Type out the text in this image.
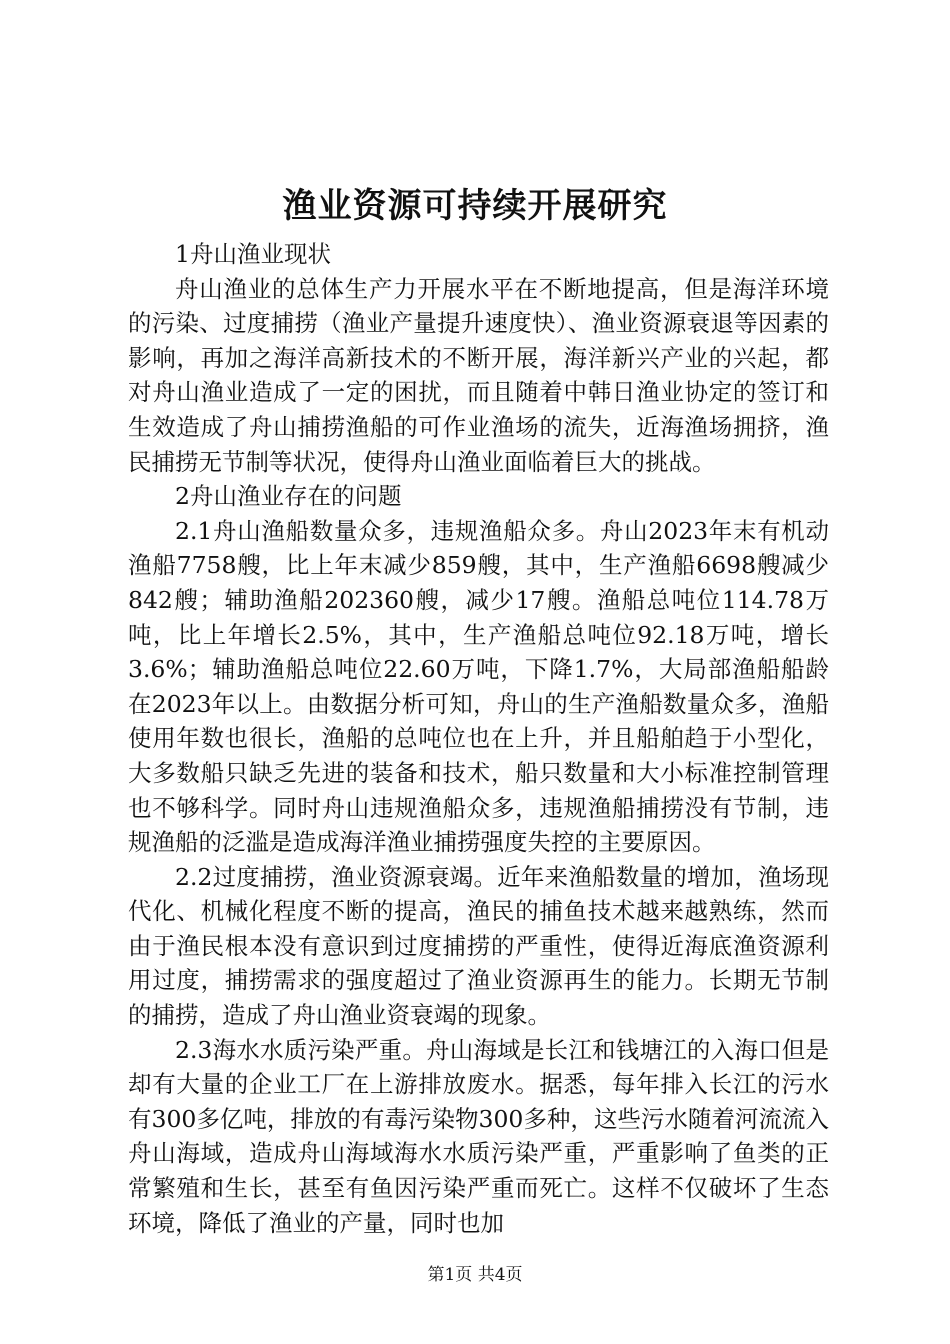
渔业资源可持续开展研究

1舟山渔业现状

舟山渔业的总体生产力开展水平在不断地提高，但是海洋环境的污染、过度捕捞（渔业产量提升速度快）、渔业资源衰退等因素的影响，再加之海洋高新技术的不断开展，海洋新兴产业的兴起，都对舟山渔业造成了一定的困扰，而且随着中韩日渔业协定的签订和生效造成了舟山捕捞渔船的可作业渔场的流失，近海渔场拥挤，渔民捕捞无节制等状况，使得舟山渔业面临着巨大的挑战。

2舟山渔业存在的问题

2.1舟山渔船数量众多，违规渔船众多。舟山2023年末有机动渔船7758艘，比上年末减少859艘，其中，生产渔船6698艘减少842艘；辅助渔船202360艘，减少17艘。渔船总吨位114.78万吨，比上年增长2.5%，其中，生产渔船总吨位92.18万吨，增长3.6%；辅助渔船总吨位22.60万吨，下降1.7%，大局部渔船船龄在2023年以上。由数据分析可知，舟山的生产渔船数量众多，渔船使用年数也很长，渔船的总吨位也在上升，并且船舶趋于小型化，大多数船只缺乏先进的装备和技术，船只数量和大小标准控制管理也不够科学。同时舟山违规渔船众多，违规渔船捕捞没有节制，违规渔船的泛滥是造成海洋渔业捕捞强度失控的主要原因。

2.2过度捕捞，渔业资源衰竭。近年来渔船数量的增加，渔场现代化、机械化程度不断的提高，渔民的捕鱼技术越来越熟练，然而由于渔民根本没有意识到过度捕捞的严重性，使得近海底渔资源利用过度，捕捞需求的强度超过了渔业资源再生的能力。长期无节制的捕捞，造成了舟山渔业资衰竭的现象。

2.3海水水质污染严重。舟山海域是长江和钱塘江的入海口但是却有大量的企业工厂在上游排放废水。据悉，每年排入长江的污水有300多亿吨，排放的有毒污染物300多种，这些污水随着河流流入舟山海域，造成舟山海域海水水质污染严重，严重影响了鱼类的正常繁殖和生长，甚至有鱼因污染严重而死亡。这样不仅破坏了生态环境，降低了渔业的产量，同时也加

第1页 共4页
